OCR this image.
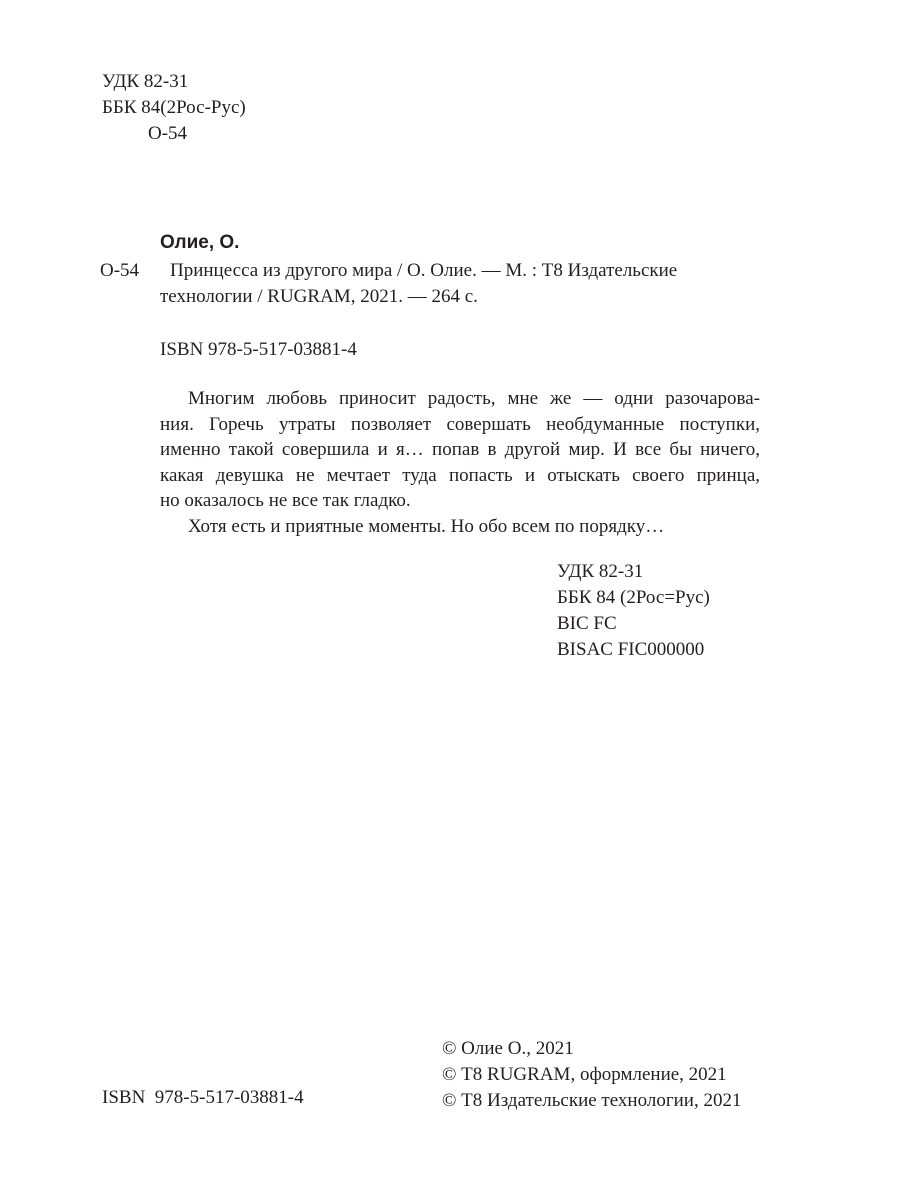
УДК 82-31
ББК 84(2Рос-Рус)
О-54
Олие, О.
О-54 Принцесса из другого мира / О. Олие. — М. : Т8 Издательские
технологии / RUGRAM, 2021. — 264 с.
ISBN 978-5-517-03881-4
Многим любовь приносит радость, мне же — одни разочарова-
ния. Горечь утраты позволяет совершать необдуманные поступки,
именно такой совершила и я… попав в другой мир. И все бы ничего,
какая девушка не мечтает туда попасть и отыскать своего принца,
но оказалось не все так гладко.
Хотя есть и приятные моменты. Но обо всем по порядку…
УДК 82-31
ББК 84 (2Рос=Рус)
BIC FC
BISAC FIC000000
ISBN  978-5-517-03881-4
© Олие О., 2021
© Т8 RUGRAM, оформление, 2021
© Т8 Издательские технологии, 2021
